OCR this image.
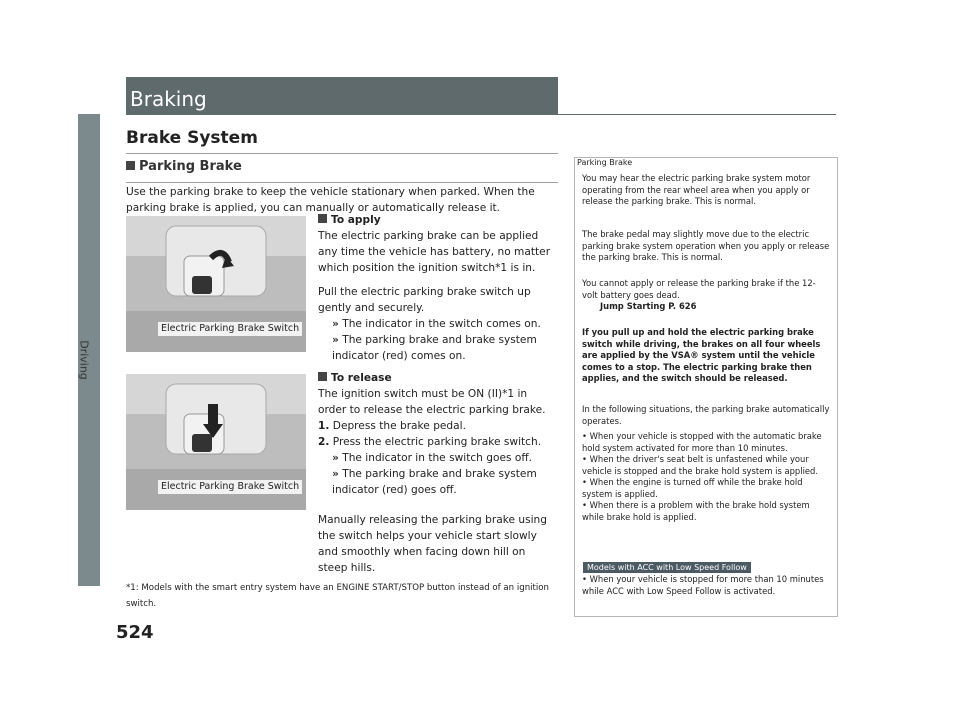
Driving
524
Braking
Brake System
Parking Brake
Use the parking brake to keep the vehicle stationary when parked. When the parking brake is applied, you can manually or automatically release it.
Electric Parking Brake Switch
To apply
The electric parking brake can be applied any time the vehicle has battery, no matter which position the ignition switch*1 is in.
Pull the electric parking brake switch up gently and securely.
» The indicator in the switch comes on.
» The parking brake and brake system indicator (red) comes on.
Electric Parking Brake Switch
To release
The ignition switch must be ON (II)*1 in order to release the electric parking brake.
1. Depress the brake pedal.
2. Press the electric parking brake switch.
» The indicator in the switch goes off.
» The parking brake and brake system indicator (red) goes off.
Manually releasing the parking brake using the switch helps your vehicle start slowly and smoothly when facing down hill on steep hills.
*1: Models with the smart entry system have an ENGINE START/STOP button instead of an ignition switch.
Parking Brake
You may hear the electric parking brake system motor operating from the rear wheel area when you apply or release the parking brake. This is normal.
The brake pedal may slightly move due to the electric parking brake system operation when you apply or release the parking brake. This is normal.
You cannot apply or release the parking brake if the 12-volt battery goes dead.
Jump Starting P. 626
If you pull up and hold the electric parking brake switch while driving, the brakes on all four wheels are applied by the VSA® system until the vehicle comes to a stop. The electric parking brake then applies, and the switch should be released.
In the following situations, the parking brake automatically operates.
• When your vehicle is stopped with the automatic brake hold system activated for more than 10 minutes.
• When the driver's seat belt is unfastened while your vehicle is stopped and the brake hold system is applied.
• When the engine is turned off while the brake hold system is applied.
• When there is a problem with the brake hold system while brake hold is applied.
Models with ACC with Low Speed Follow
• When your vehicle is stopped for more than 10 minutes while ACC with Low Speed Follow is activated.
